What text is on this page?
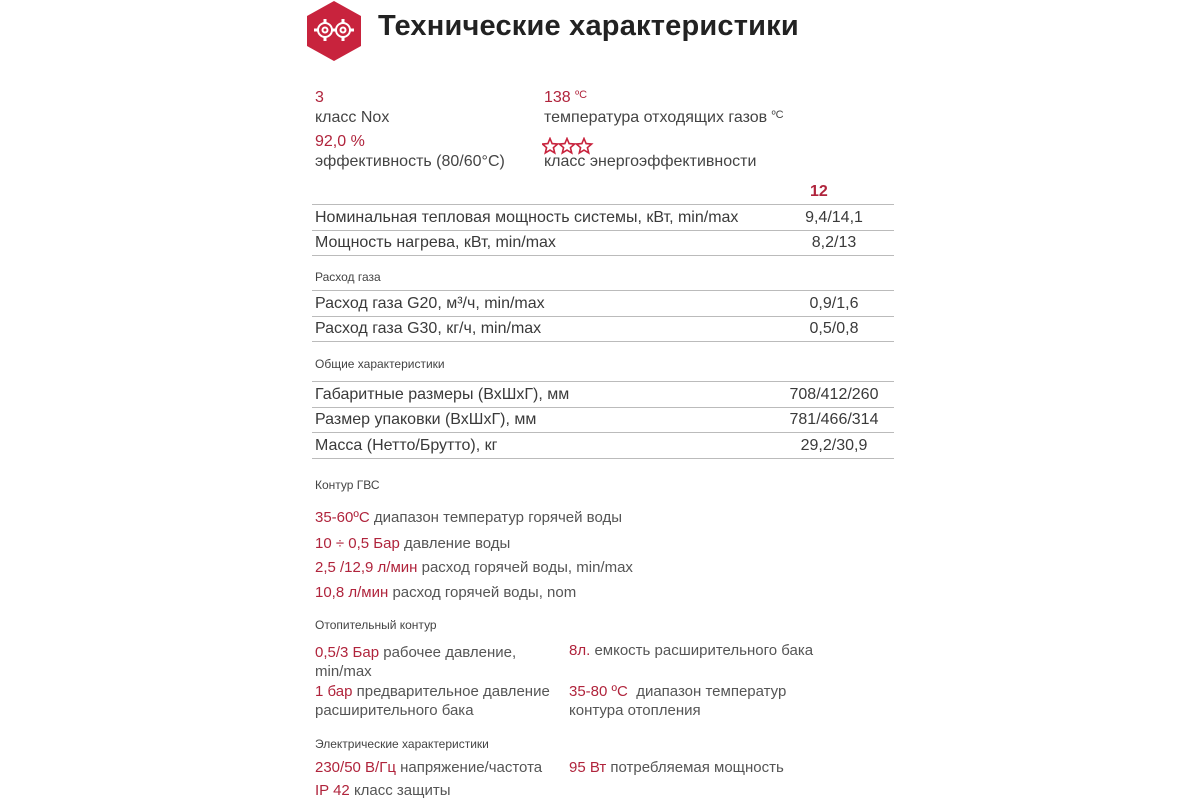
Технические характеристики
3
класс Nox
138 $^{ºC}$
температура отходящих газов $^{ºC}$
92,0 %
эффективность (80/60°C) класс энергоэффективности
12
Номинальная тепловая мощность системы, кВт, min/max	9,4/14,1
Мощность нагрева, кВт, min/max	8,2/13
Расход газа
Расход газа G20, м³/ч, min/max	0,9/1,6
Расход газа G30, кг/ч, min/max	0,5/0,8
Общие характеристики
Габаритные размеры (ВхШхГ), мм	708/412/260
Размер упаковки (ВхШхГ), мм	781/466/314
Масса (Нетто/Брутто), кг	29,2/30,9
Контур ГВС
35-60ºC диапазон температур горячей воды
10 ÷ 0,5 Бар давление воды
2,5 /12,9 л/мин расход горячей воды, min/max
10,8 л/мин расход горячей воды, nom
Отопительный контур
0,5/3 Бар рабочее давление,
min/max
8л. емкость расширительного бака
1 бар предварительное давление
расширительного бака
35-80 ºC диапазон температур
контура отопления
Электрические характеристики
230/50 В/Гц напряжение/частота 95 Вт потребляемая мощность
IP 42 класс защиты
